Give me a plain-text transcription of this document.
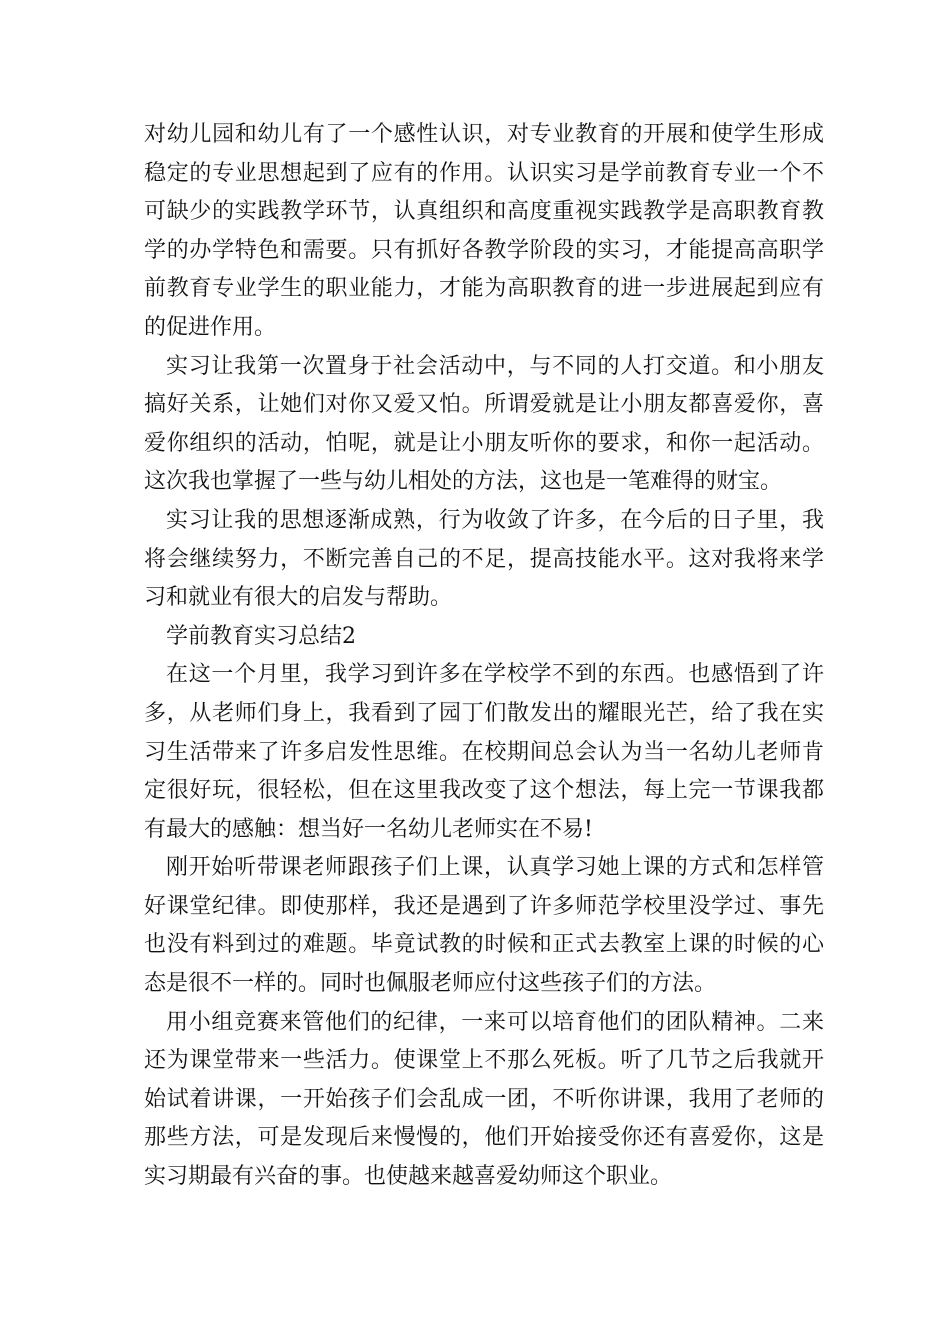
对幼儿园和幼儿有了一个感性认识，对专业教育的开展和使学生形成稳定的专业思想起到了应有的作用。认识实习是学前教育专业一个不可缺少的实践教学环节，认真组织和高度重视实践教学是高职教育教学的办学特色和需要。只有抓好各教学阶段的实习，才能提高高职学前教育专业学生的职业能力，才能为高职教育的进一步进展起到应有的促进作用。

实习让我第一次置身于社会活动中，与不同的人打交道。和小朋友搞好关系，让她们对你又爱又怕。所谓爱就是让小朋友都喜爱你，喜爱你组织的活动，怕呢，就是让小朋友听你的要求，和你一起活动。这次我也掌握了一些与幼儿相处的方法，这也是一笔难得的财宝。

实习让我的思想逐渐成熟，行为收敛了许多，在今后的日子里，我将会继续努力，不断完善自己的不足，提高技能水平。这对我将来学习和就业有很大的启发与帮助。

学前教育实习总结2

在这一个月里，我学习到许多在学校学不到的东西。也感悟到了许多，从老师们身上，我看到了园丁们散发出的耀眼光芒，给了我在实习生活带来了许多启发性思维。在校期间总会认为当一名幼儿老师肯定很好玩，很轻松，但在这里我改变了这个想法，每上完一节课我都有最大的感触：想当好一名幼儿老师实在不易!

刚开始听带课老师跟孩子们上课，认真学习她上课的方式和怎样管好课堂纪律。即使那样，我还是遇到了许多师范学校里没学过、事先也没有料到过的难题。毕竟试教的时候和正式去教室上课的时候的心态是很不一样的。同时也佩服老师应付这些孩子们的方法。

用小组竞赛来管他们的纪律，一来可以培育他们的团队精神。二来还为课堂带来一些活力。使课堂上不那么死板。听了几节之后我就开始试着讲课，一开始孩子们会乱成一团，不听你讲课，我用了老师的那些方法，可是发现后来慢慢的，他们开始接受你还有喜爱你，这是实习期最有兴奋的事。也使越来越喜爱幼师这个职业。
